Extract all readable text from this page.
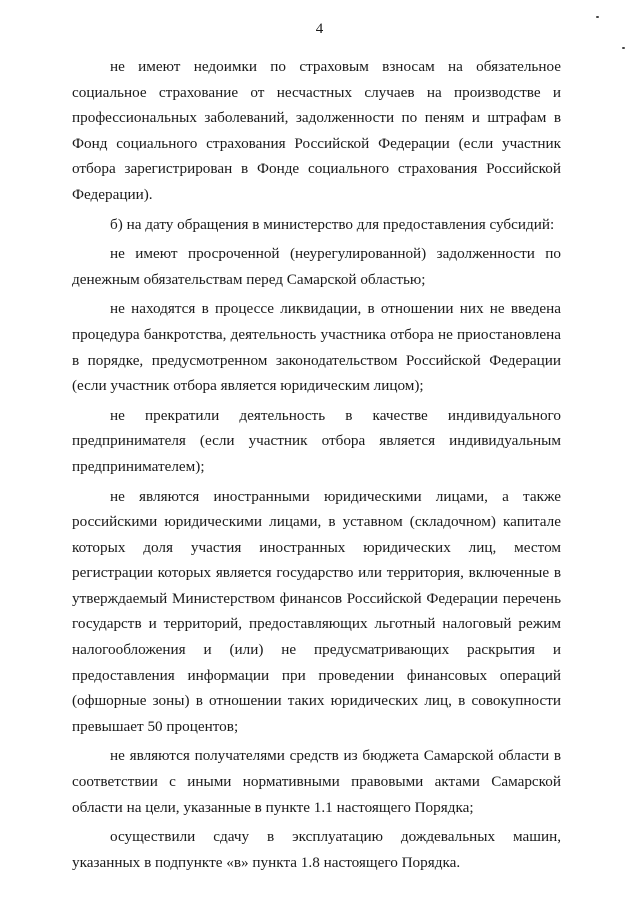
4

не имеют недоимки по страховым взносам на обязательное социальное страхование от несчастных случаев на производстве и профессиональных заболеваний, задолженности по пеням и штрафам в Фонд социального страхования Российской Федерации (если участник отбора зарегистрирован в Фонде социального страхования Российской Федерации).

б) на дату обращения в министерство для предоставления субсидий:

не имеют просроченной (неурегулированной) задолженности по денежным обязательствам перед Самарской областью;

не находятся в процессе ликвидации, в отношении них не введена процедура банкротства, деятельность участника отбора не приостановлена в порядке, предусмотренном законодательством Российской Федерации (если участник отбора является юридическим лицом);

не прекратили деятельность в качестве индивидуального предпринимателя (если участник отбора является индивидуальным предпринимателем);

не являются иностранными юридическими лицами, а также российскими юридическими лицами, в уставном (складочном) капитале которых доля участия иностранных юридических лиц, местом регистрации которых является государство или территория, включенные в утверждаемый Министерством финансов Российской Федерации перечень государств и территорий, предоставляющих льготный налоговый режим налогообложения и (или) не предусматривающих раскрытия и предоставления информации при проведении финансовых операций (офшорные зоны) в отношении таких юридических лиц, в совокупности превышает 50 процентов;

не являются получателями средств из бюджета Самарской области в соответствии с иными нормативными правовыми актами Самарской области на цели, указанные в пункте 1.1 настоящего Порядка;

осуществили сдачу в эксплуатацию дождевальных машин, указанных в подпункте «в» пункта 1.8 настоящего Порядка.
